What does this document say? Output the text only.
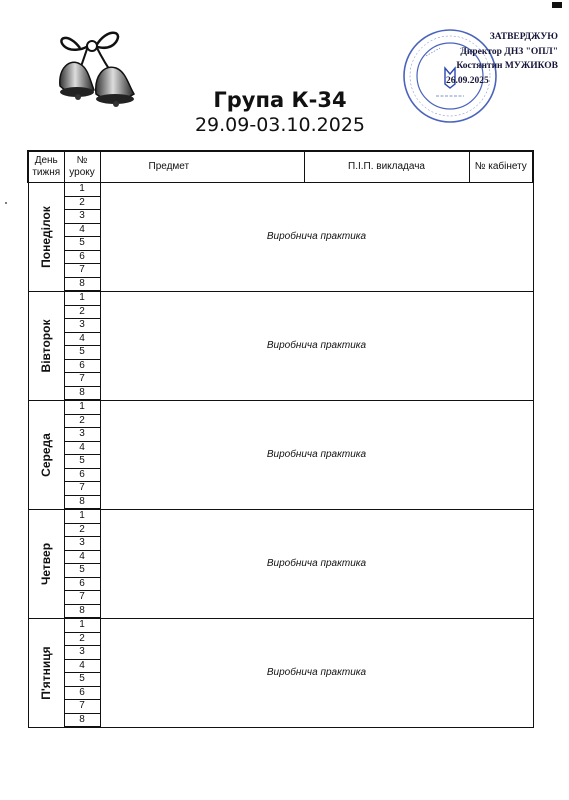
Група К-34
29.09-03.10.2025
ЗАТВЕРДЖУЮ
Директор ДНЗ "ОПЛ"
Костянтин МУЖИКОВ
26.09.2025
День тижня	№ уроку	Предмет	П.І.П. викладача	№ кабінету

Понеділок	1	Виробнича практика		
	2			
	3			
	4			
	5			
	6			
	7			
	8			

Вівторок	1	Виробнича практика		
	2			
	3			
	4			
	5			
	6			
	7			
	8			

Середа	1	Виробнича практика		
	2			
	3			
	4			
	5			
	6			
	7			
	8			

Четвер	1	Виробнича практика		
	2			
	3			
	4			
	5			
	6			
	7			
	8			

П'ятниця	1	Виробнича практика		
	2			
	3			
	4			
	5			
	6			
	7			
	8			
